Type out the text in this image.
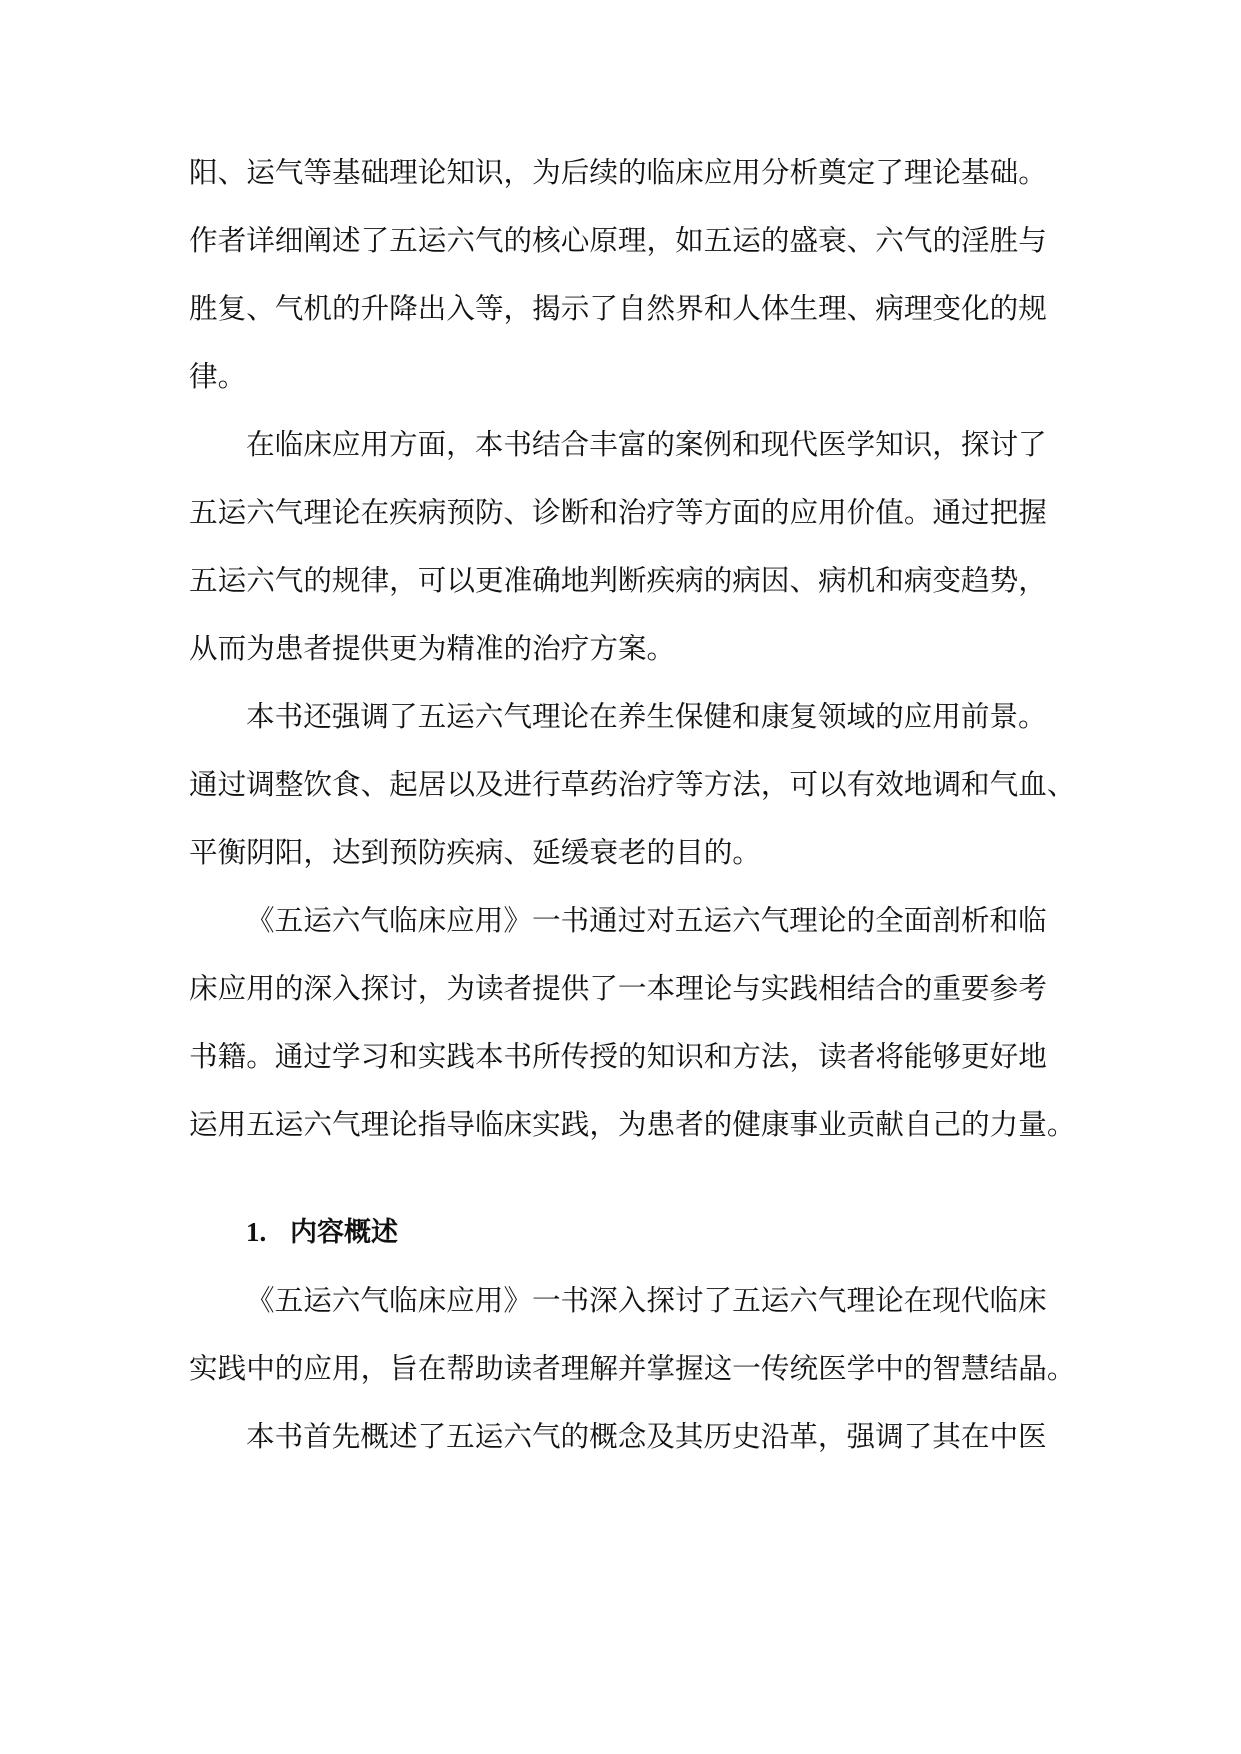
阳、运气等基础理论知识，为后续的临床应用分析奠定了理论基础。
作者详细阐述了五运六气的核心原理，如五运的盛衰、六气的淫胜与
胜复、气机的升降出入等，揭示了自然界和人体生理、病理变化的规
律。
在临床应用方面，本书结合丰富的案例和现代医学知识，探讨了
五运六气理论在疾病预防、诊断和治疗等方面的应用价值。通过把握
五运六气的规律，可以更准确地判断疾病的病因、病机和病变趋势，
从而为患者提供更为精准的治疗方案。
本书还强调了五运六气理论在养生保健和康复领域的应用前景。
通过调整饮食、起居以及进行草药治疗等方法，可以有效地调和气血、
平衡阴阳，达到预防疾病、延缓衰老的目的。
《五运六气临床应用》一书通过对五运六气理论的全面剖析和临
床应用的深入探讨，为读者提供了一本理论与实践相结合的重要参考
书籍。通过学习和实践本书所传授的知识和方法，读者将能够更好地
运用五运六气理论指导临床实践，为患者的健康事业贡献自己的力量。
1. 内容概述
《五运六气临床应用》一书深入探讨了五运六气理论在现代临床
实践中的应用，旨在帮助读者理解并掌握这一传统医学中的智慧结晶。
本书首先概述了五运六气的概念及其历史沿革，强调了其在中医
